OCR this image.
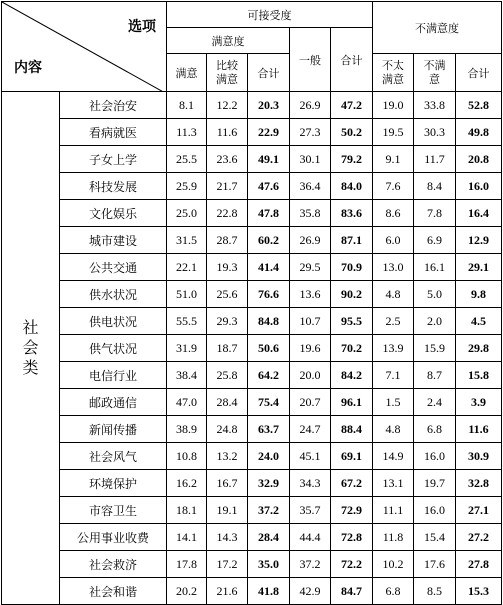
选项
内容		可接受度					不满意度		
		满意度			一般	合计			
		满意	比较满意	合计			不太满意	不满意	合计

社
会
类	社会治安	8.1	12.2	20.3	26.9	47.2	19.0	33.8	52.8
	看病就医	11.3	11.6	22.9	27.3	50.2	19.5	30.3	49.8
	子女上学	25.5	23.6	49.1	30.1	79.2	9.1	11.7	20.8
	科技发展	25.9	21.7	47.6	36.4	84.0	7.6	8.4	16.0
	文化娱乐	25.0	22.8	47.8	35.8	83.6	8.6	7.8	16.4
	城市建设	31.5	28.7	60.2	26.9	87.1	6.0	6.9	12.9
	公共交通	22.1	19.3	41.4	29.5	70.9	13.0	16.1	29.1
	供水状况	51.0	25.6	76.6	13.6	90.2	4.8	5.0	9.8
	供电状况	55.5	29.3	84.8	10.7	95.5	2.5	2.0	4.5
	供气状况	31.9	18.7	50.6	19.6	70.2	13.9	15.9	29.8
	电信行业	38.4	25.8	64.2	20.0	84.2	7.1	8.7	15.8
	邮政通信	47.0	28.4	75.4	20.7	96.1	1.5	2.4	3.9
	新闻传播	38.9	24.8	63.7	24.7	88.4	4.8	6.8	11.6
	社会风气	10.8	13.2	24.0	45.1	69.1	14.9	16.0	30.9
	环境保护	16.2	16.7	32.9	34.3	67.2	13.1	19.7	32.8
	市容卫生	18.1	19.1	37.2	35.7	72.9	11.1	16.0	27.1
	公用事业收费	14.1	14.3	28.4	44.4	72.8	11.8	15.4	27.2
	社会救济	17.8	17.2	35.0	37.2	72.2	10.2	17.6	27.8
	社会和谐	20.2	21.6	41.8	42.9	84.7	6.8	8.5	15.3
